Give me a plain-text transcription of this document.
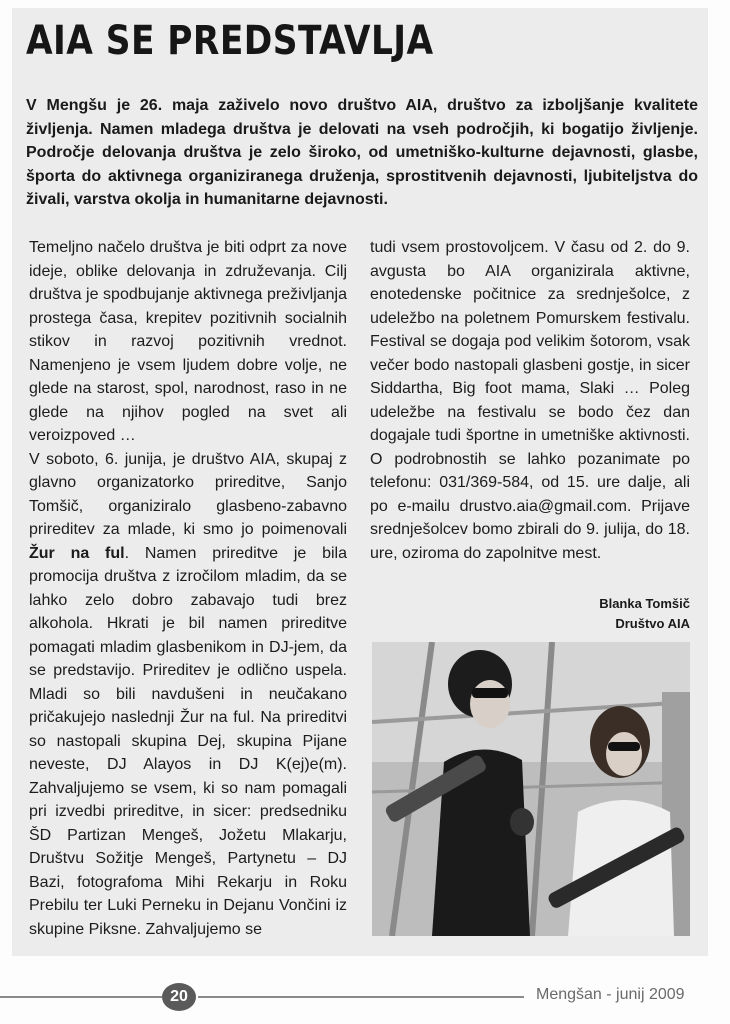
AIA SE PREDSTAVLJA

V Mengšu je 26. maja zaživelo novo društvo AIA, društvo za izboljšanje kvalitete življenja. Namen mladega društva je delovati na vseh področjih, ki bogatijo življenje. Področje delovanja društva je zelo široko, od umetniško-kulturne dejavnosti, glasbe, športa do aktivnega organiziranega druženja, sprostitvenih dejavnosti, ljubiteljstva do živali, varstva okolja in humanitarne dejavnosti.

Temeljno načelo društva je biti odprt za nove ideje, oblike delovanja in združevanja. Cilj društva je spodbujanje aktivnega preživljanja prostega časa, krepitev pozitivnih socialnih stikov in razvoj pozitivnih vrednot. Namenjeno je vsem ljudem dobre volje, ne glede na starost, spol, narodnost, raso in ne glede na njihov pogled na svet ali veroizpoved …

V soboto, 6. junija, je društvo AIA, skupaj z glavno organizatorko prireditve, Sanjo Tomšič, organiziralo glasbeno-zabavno prireditev za mlade, ki smo jo poimenovali Žur na ful. Namen prireditve je bila promocija društva z izročilom mladim, da se lahko zelo dobro zabavajo tudi brez alkohola. Hkrati je bil namen prireditve pomagati mladim glasbenikom in DJ-jem, da se predstavijo. Prireditev je odlično uspela. Mladi so bili navdušeni in neučakano pričakujejo naslednji Žur na ful. Na prireditvi so nastopali skupina Dej, skupina Pijane neveste, DJ Alayos in DJ K(ej)e(m). Zahvaljujemo se vsem, ki so nam pomagali pri izvedbi prireditve, in sicer: predsedniku ŠD Partizan Mengeš, Jožetu Mlakarju, Društvu Sožitje Mengeš, Partynetu – DJ Bazi, fotografoma Mihi Rekarju in Roku Prebilu ter Luki Perneku in Dejanu Vončini iz skupine Piksne. Zahvaljujemo se

tudi vsem prostovoljcem. V času od 2. do 9. avgusta bo AIA organizirala aktivne, enotedenske počitnice za srednješolce, z udeležbo na poletnem Pomurskem festivalu. Festival se dogaja pod velikim šotorom, vsak večer bodo nastopali glasbeni gostje, in sicer Siddartha, Big foot mama, Slaki … Poleg udeležbe na festivalu se bodo čez dan dogajale tudi športne in umetniške aktivnosti. O podrobnostih se lahko pozanimate po telefonu: 031/369-584, od 15. ure dalje, ali po e-mailu drustvo.aia@gmail.com. Prijave srednješolcev bomo zbirali do 9. julija, do 18. ure, oziroma do zapolnitve mest.

Blanka Tomšič
Društvo AIA
20	Mengšan - junij 2009
